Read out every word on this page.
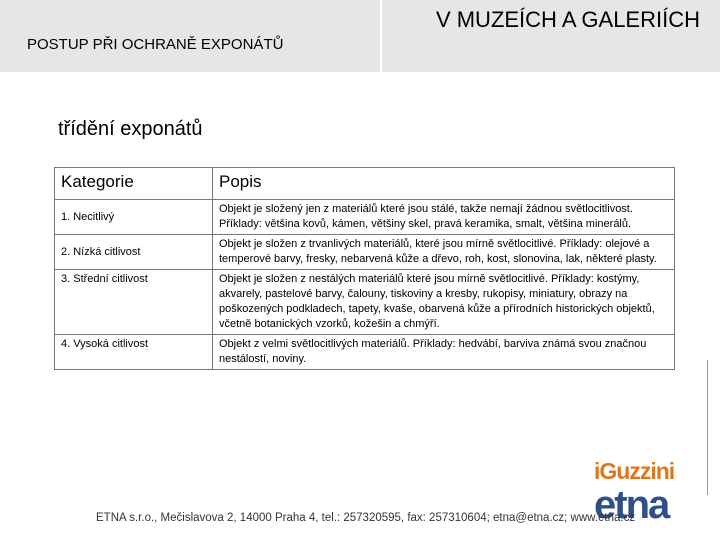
POSTUP PŘI OCHRANĚ EXPONÁTŮ
V MUZEÍCH A GALERIÍCH
třídění exponátů
Kategorie	Popis
1. Necitlivý	Objekt je složený jen z materiálů které jsou stálé, takže nemají žádnou světlocitlivost. Příklady: většina kovů, kámen, většiny skel, pravá keramika, smalt, většina minerálů.
2. Nízká citlivost	Objekt je složen z trvanlivých materiálů, které jsou mírně světlocitlivé. Příklady: olejové a temperové barvy, fresky, nebarvená kůže a dřevo, roh, kost, slonovina, lak, některé plasty.
3. Střední citlivost	Objekt je složen z nestálých materiálů které jsou mírně světlocitlivé. Příklady: kostýmy, akvarely, pastelové barvy, čalouny, tiskoviny a kresby, rukopisy, miniatury, obrazy na poškozených podkladech, tapety, kvaše, obarvená kůže a přírodních historických objektů, včetně botanických vzorků, kožešin a chmýří.
4. Vysoká citlivost	Objekt z velmi světlocitlivých materiálů. Příklady: hedvábí, barviva známá svou značnou nestálostí, noviny.
iGuzzini
etna
ETNA s.r.o., Mečislavova 2, 14000 Praha 4, tel.: 257320595, fax: 257310604; etna@etna.cz; www.etna.cz
